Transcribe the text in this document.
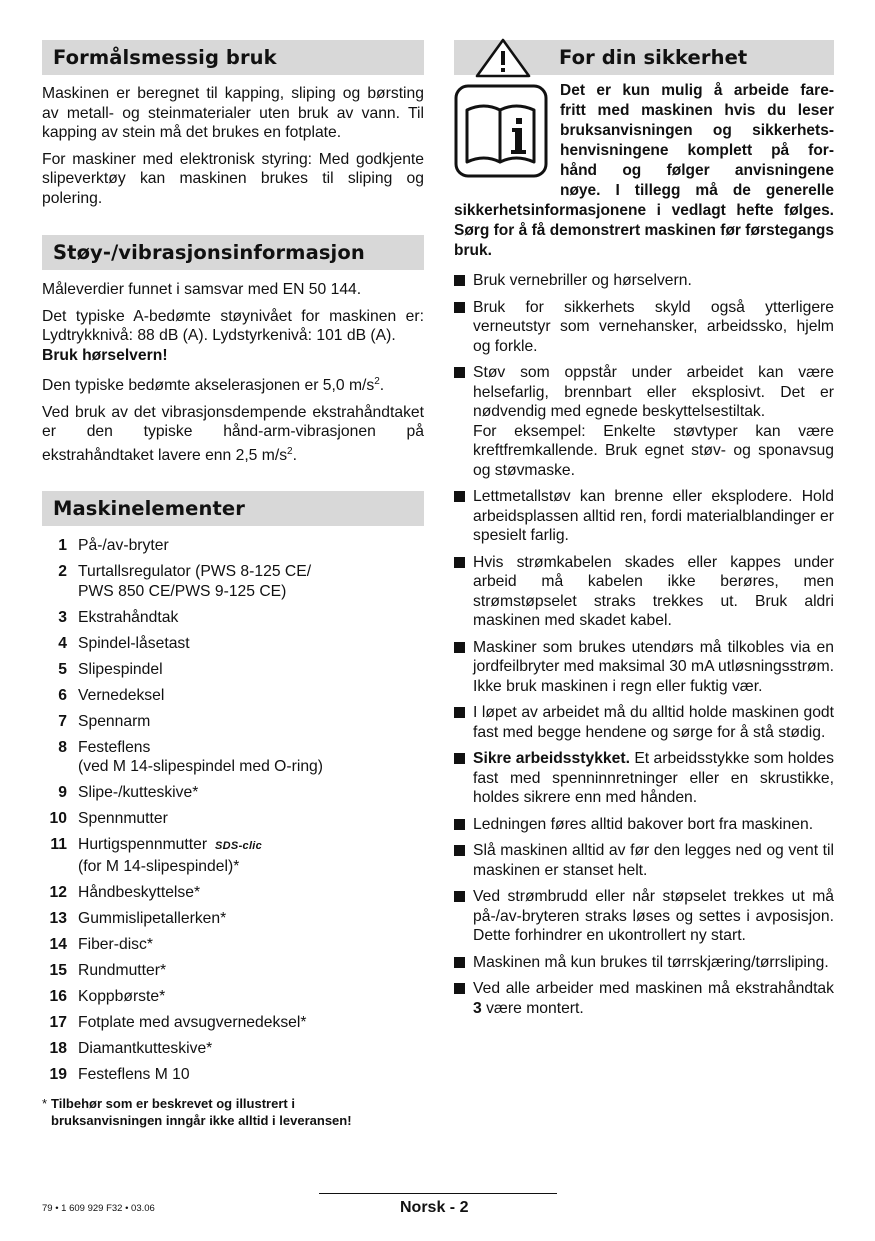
Formålsmessig bruk

Maskinen er beregnet til kapping, sliping og børsting av metall- og steinmaterialer uten bruk av vann. Til kapping av stein må det brukes en fotplate.

For maskiner med elektronisk styring: Med godkjente slipeverktøy kan maskinen brukes til sliping og polering.

Støy-/vibrasjonsinformasjon

Måleverdier funnet i samsvar med EN 50 144.

Det typiske A-bedømte støynivået for maskinen er: Lydtrykknivå: 88 dB (A). Lydstyrkenivå: 101 dB (A).

Bruk hørselvern!

Den typiske bedømte akselerasjonen er 5,0 $m/s^2$.

Ved bruk av det vibrasjonsdempende ekstrahåndtaket er den typiske hånd-arm-vibrasjonen på ekstrahåndtaket lavere enn 2,5 $m/s^2$.

Maskinelementer
1 På-/av-bryter
2 Turtallsregulator (PWS 8-125 CE/
PWS 850 CE/PWS 9-125 CE)
3 Ekstrahåndtak
4 Spindel-låsetast
5 Slipespindel
6 Vernedeksel
7 Spennarm
8 Festeflens
(ved M 14-slipespindel med O-ring)
9 Slipe-/kutteskive*
10 Spennmutter
11 Hurtigspennmutter SDS-clic
(for M 14-slipespindel)*
12 Håndbeskyttelse*
13 Gummislipetallerken*
14 Fiber-disc*
15 Rundmutter*
16 Koppbørste*
17 Fotplate med avsugvernedeksel*
18 Diamantkutteskive*
19 Festeflens M 10
* Tilbehør som er beskrevet og illustrert i
bruksanvisningen inngår ikke alltid i leveransen!
For din sikkerhet
Det er kun mulig å arbeide fare-
fritt med maskinen hvis du leser
bruksanvisningen og sikkerhets-
henvisningene komplett på for-
hånd og følger anvisningene
nøye. I tillegg må de generelle
sikkerhetsinformasjonene i vedlagt hefte følges. Sørg for å få demonstrert maskinen før førstegangs bruk.
Bruk vernebriller og hørselvern.
Bruk for sikkerhets skyld også ytterligere verneutstyr som vernehansker, arbeidssko, hjelm og forkle.
Støv som oppstår under arbeidet kan være helsefarlig, brennbart eller eksplosivt. Det er nødvendig med egnede beskyttelsestiltak.
For eksempel: Enkelte støvtyper kan være kreftfremkallende. Bruk egnet støv- og sponavsug og støvmaske.
Lettmetallstøv kan brenne eller eksplodere. Hold arbeidsplassen alltid ren, fordi materialblandinger er spesielt farlig.
Hvis strømkabelen skades eller kappes under arbeid må kabelen ikke berøres, men strømstøpselet straks trekkes ut. Bruk aldri maskinen med skadet kabel.
Maskiner som brukes utendørs må tilkobles via en jordfeilbryter med maksimal 30 mA utløsningsstrøm. Ikke bruk maskinen i regn eller fuktig vær.
I løpet av arbeidet må du alltid holde maskinen godt fast med begge hendene og sørge for å stå stødig.
Sikre arbeidsstykket. Et arbeidsstykke som holdes fast med spenninnretninger eller en skrustikke, holdes sikrere enn med hånden.
Ledningen føres alltid bakover bort fra maskinen.
Slå maskinen alltid av før den legges ned og vent til maskinen er stanset helt.
Ved strømbrudd eller når støpselet trekkes ut må på-/av-bryteren straks løses og settes i avposisjon. Dette forhindrer en ukontrollert ny start.
Maskinen må kun brukes til tørrskjæring/tørrsliping.
Ved alle arbeider med maskinen må ekstrahåndtak 3 være montert.
79 • 1 609 929 F32 • 03.06	Norsk - 2
